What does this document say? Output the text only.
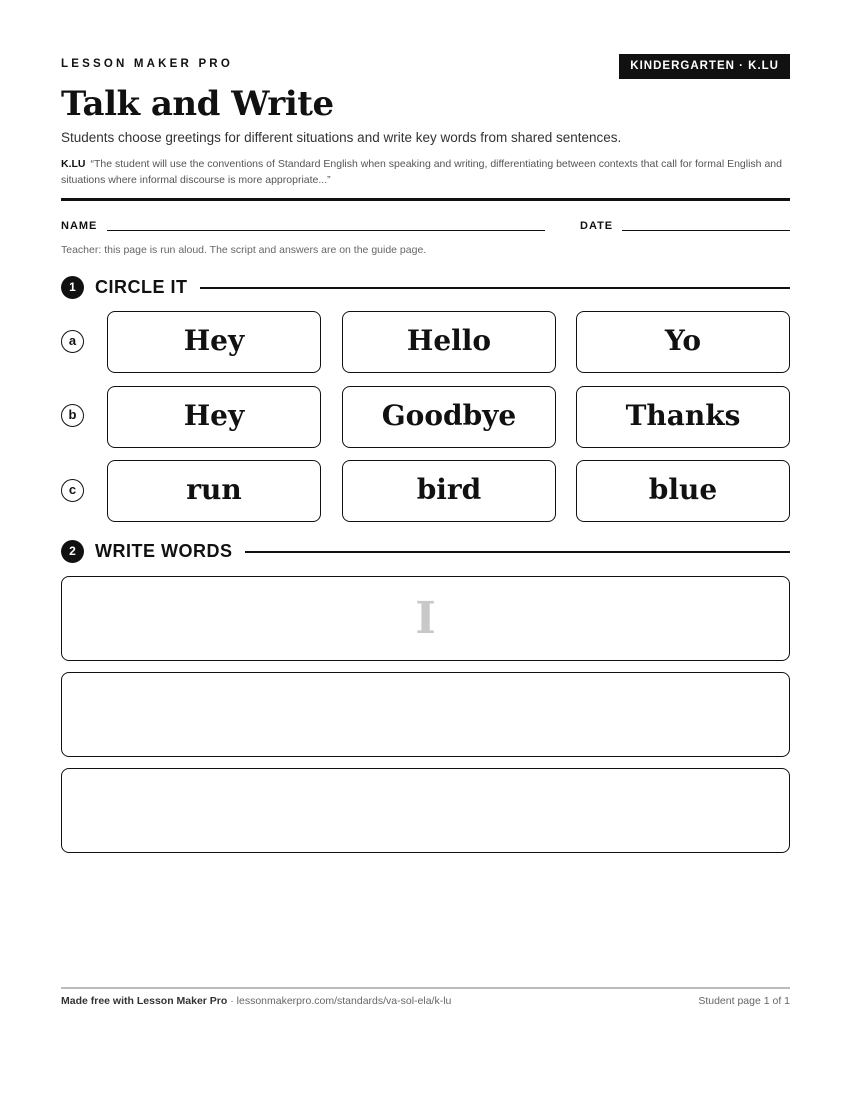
LESSON MAKER PRO	KINDERGARTEN · K.LU
Talk and Write
Students choose greetings for different situations and write key words from shared sentences.
K.LU “The student will use the conventions of Standard English when speaking and writing, differentiating between contexts that call for formal English and situations where informal discourse is more appropriate...”
NAME	DATE
Teacher: this page is run aloud. The script and answers are on the guide page.
1	CIRCLE IT
a	Hey	Hello	Yo
b	Hey	Goodbye	Thanks
c	run	bird	blue
2	WRITE WORDS
I
Made free with Lesson Maker Pro · lessonmakerpro.com/standards/va-sol-ela/k-lu	Student page 1 of 1
